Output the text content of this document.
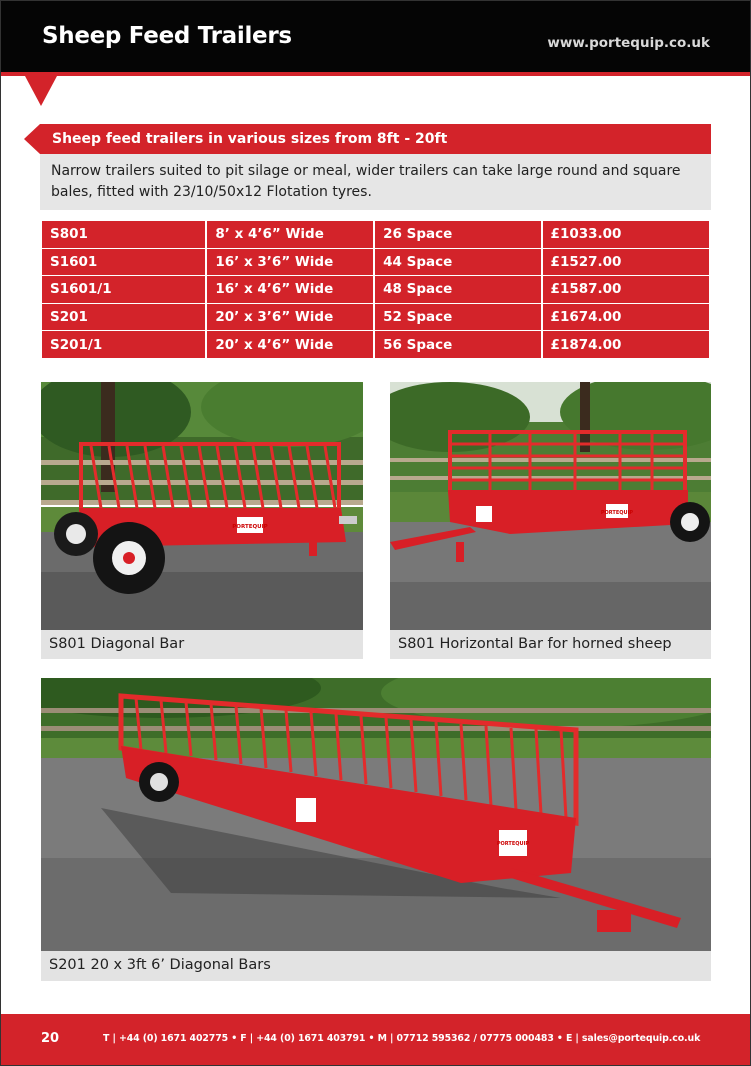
Sheep Feed Trailers	www.portequip.co.uk
Sheep feed trailers in various sizes from 8ft - 20ft
Narrow trailers suited to pit silage or meal, wider trailers can take large round and square bales, fitted with 23/10/50x12 Flotation tyres.
S801	8’ x 4’6” Wide	26 Space	£1033.00
S1601	16’ x 3’6” Wide	44 Space	£1527.00
S1601/1	16’ x 4’6” Wide	48 Space	£1587.00
S201	20’ x 3’6” Wide	52 Space	£1674.00
S201/1	20’ x 4’6” Wide	56 Space	£1874.00
PORTEQUIP
S801 Diagonal Bar
PORTEQUIP
S801 Horizontal Bar for horned sheep
PORTEQUIP
S201 20 x 3ft 6’ Diagonal Bars
20	T | +44 (0) 1671 402775 • F | +44 (0) 1671 403791 • M | 07712 595362 / 07775 000483 • E | sales@portequip.co.uk
